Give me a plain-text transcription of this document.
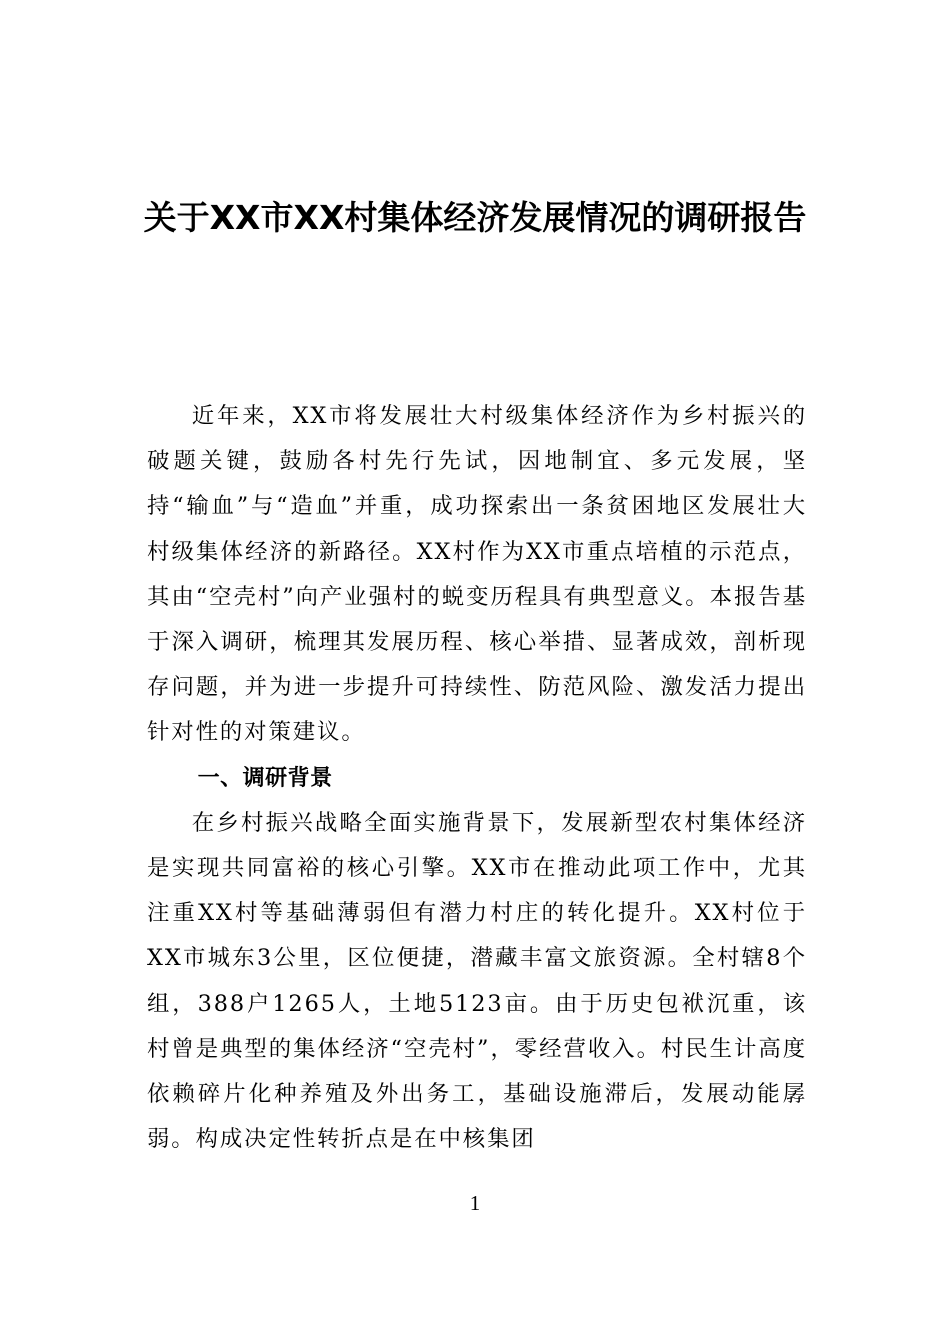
关于XX市XX村集体经济发展情况的调研报告

近年来，XX市将发展壮大村级集体经济作为乡村振兴的破题关键，鼓励各村先行先试，因地制宜、多元发展，坚持“输血”与“造血”并重，成功探索出一条贫困地区发展壮大村级集体经济的新路径。XX村作为XX市重点培植的示范点，其由“空壳村”向产业强村的蜕变历程具有典型意义。本报告基于深入调研，梳理其发展历程、核心举措、显著成效，剖析现存问题，并为进一步提升可持续性、防范风险、激发活力提出针对性的对策建议。

一、调研背景

在乡村振兴战略全面实施背景下，发展新型农村集体经济是实现共同富裕的核心引擎。XX市在推动此项工作中，尤其注重XX村等基础薄弱但有潜力村庄的转化提升。XX村位于XX市城东3公里，区位便捷，潜藏丰富文旅资源。全村辖8个组，388户1265人，土地5123亩。由于历史包袱沉重，该村曾是典型的集体经济“空壳村”，零经营收入。村民生计高度依赖碎片化种养殖及外出务工，基础设施滞后，发展动能孱弱。构成决定性转折点是在中核集团

1
